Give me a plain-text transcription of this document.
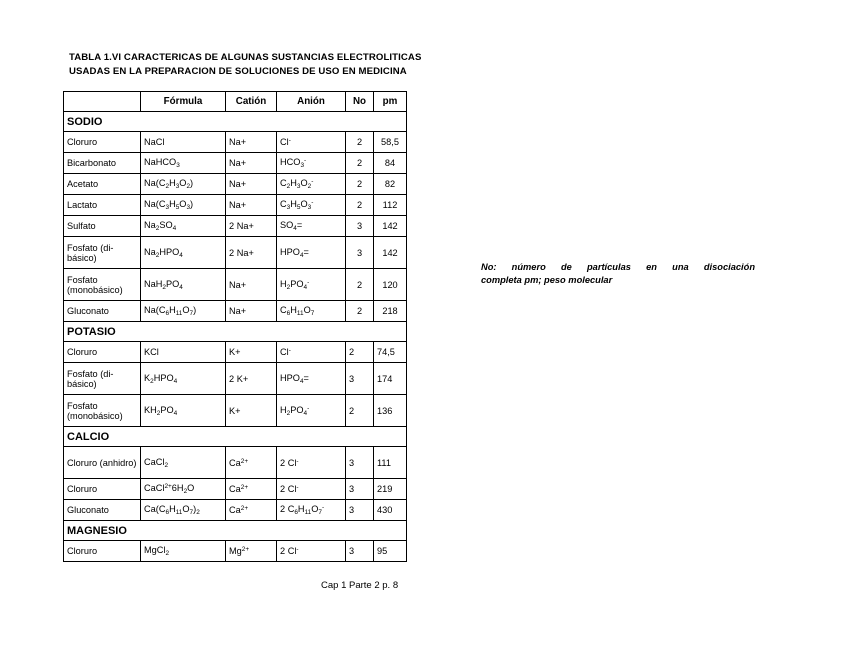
TABLA 1.VI CARACTERICAS DE ALGUNAS SUSTANCIAS ELECTROLITICAS
USADAS EN LA PREPARACION DE SOLUCIONES DE USO EN MEDICINA
	Fórmula	Catión	Anión	No	pm
SODIO					
Cloruro	NaCl	Na+	Cl-	2	58,5
Bicarbonato	NaHCO$_3$	Na+	$HCO_3^-$	2	84
Acetato	$Na(C_2H_3O_2)$	Na+	$C_2H_3O_2^-$	2	82
Lactato	$Na(C_3H_5O_3)$	Na+	$C_3H_5O_3^-$	2	112
Sulfato	$Na_2SO_4$	2 Na+	$SO_4=$	3	142
Fosfato (di-básico)	$Na_2HPO_4$	2 Na+	$HPO_4=$	3	142
Fosfato (monobásico)	$NaH_2PO_4$	Na+	$H_2PO_4^-$	2	120
Gluconato	$Na(C_6H_{11}O_7)$	Na+	$C_6H_{11}O_7$	2	218
POTASIO					
Cloruro	KCl	K+	Cl-	2	74,5
Fosfato (di-básico)	$K_2HPO_4$	2 K+	$HPO_4=$	3	174
Fosfato (monobásico)	$KH_2PO_4$	K+	$H_2PO_4^-$	2	136
CALCIO					
Cloruro (anhidro)	CaCl$_2$	$Ca^{2+}$	2 Cl-	3	111
Cloruro	$CaCl^{2+}6H_2O$	$Ca^{2+}$	2 Cl-	3	219
Gluconato	$Ca(C_6H_{11}O_7)_2$	$Ca^{2+}$	2 $C_6H_{11}O_7^-$	3	430
MAGNESIO					
Cloruro	MgCl$_2$	$Mg^{2+}$	2 Cl-	3	95
No: número de partículas en una disociación
completa pm; peso molecular
Cap 1 Parte 2 p. 8
